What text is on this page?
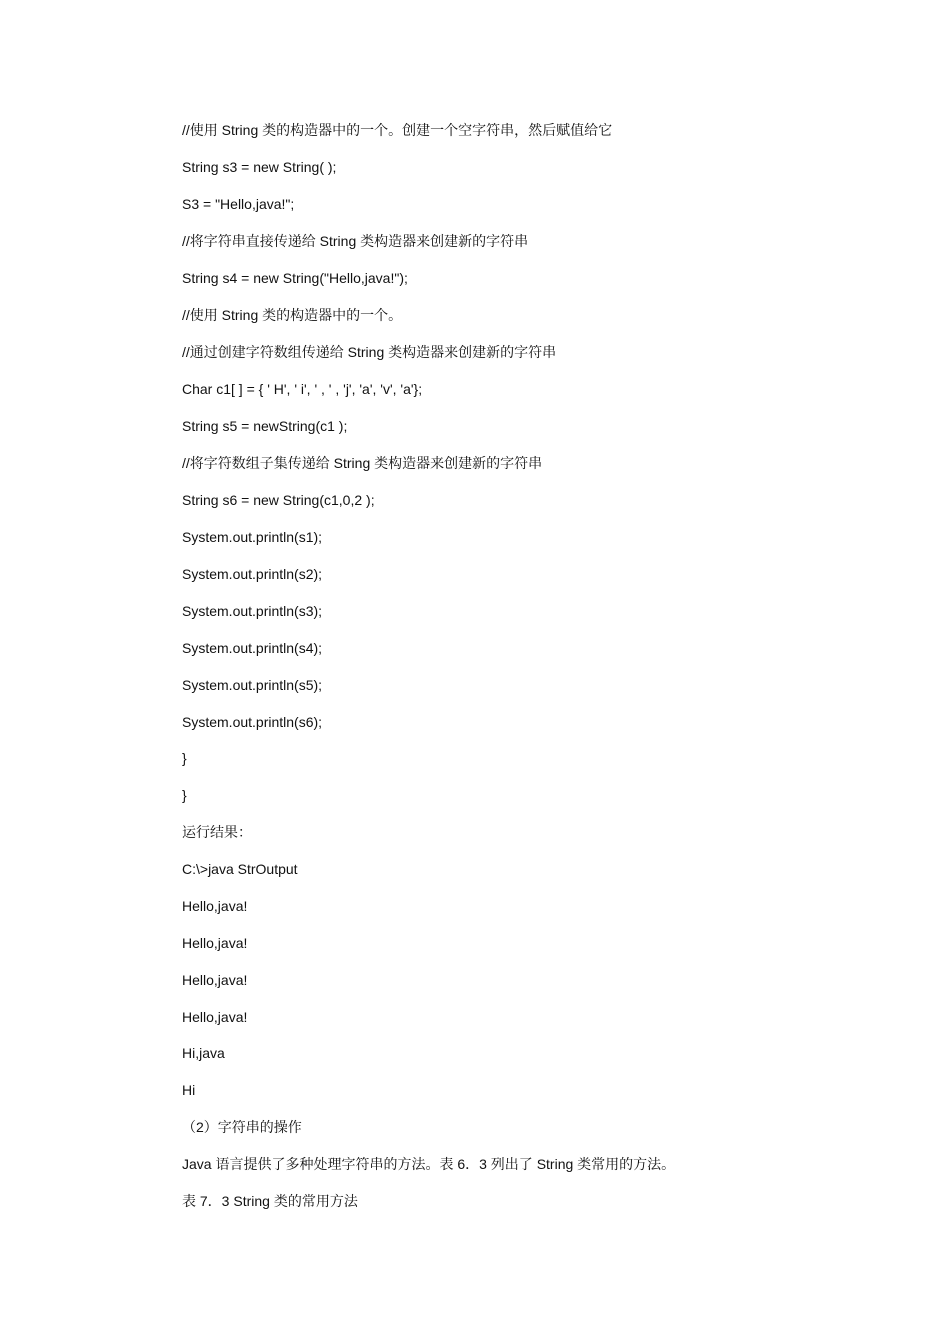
//使用 String 类的构造器中的一个。创建一个空字符串，然后赋值给它
String s3 = new String( );
S3 = "Hello,java!";
//将字符串直接传递给 String 类构造器来创建新的字符串
String s4 = new String("Hello,java!");
//使用 String 类的构造器中的一个。
//通过创建字符数组传递给 String 类构造器来创建新的字符串
Char c1[ ] = { ' H', ' i', ' , ' , 'j', 'a', 'v', 'a'};
String s5 = newString(c1 );
//将字符数组子集传递给 String 类构造器来创建新的字符串
String s6 = new String(c1,0,2 );
System.out.println(s1);
System.out.println(s2);
System.out.println(s3);
System.out.println(s4);
System.out.println(s5);
System.out.println(s6);
}
}
运行结果：
C:\>java StrOutput
Hello,java!
Hello,java!
Hello,java!
Hello,java!
Hi,java
Hi
（2）字符串的操作
Java 语言提供了多种处理字符串的方法。表 6．3 列出了 String 类常用的方法。
表 7．3 String 类的常用方法
